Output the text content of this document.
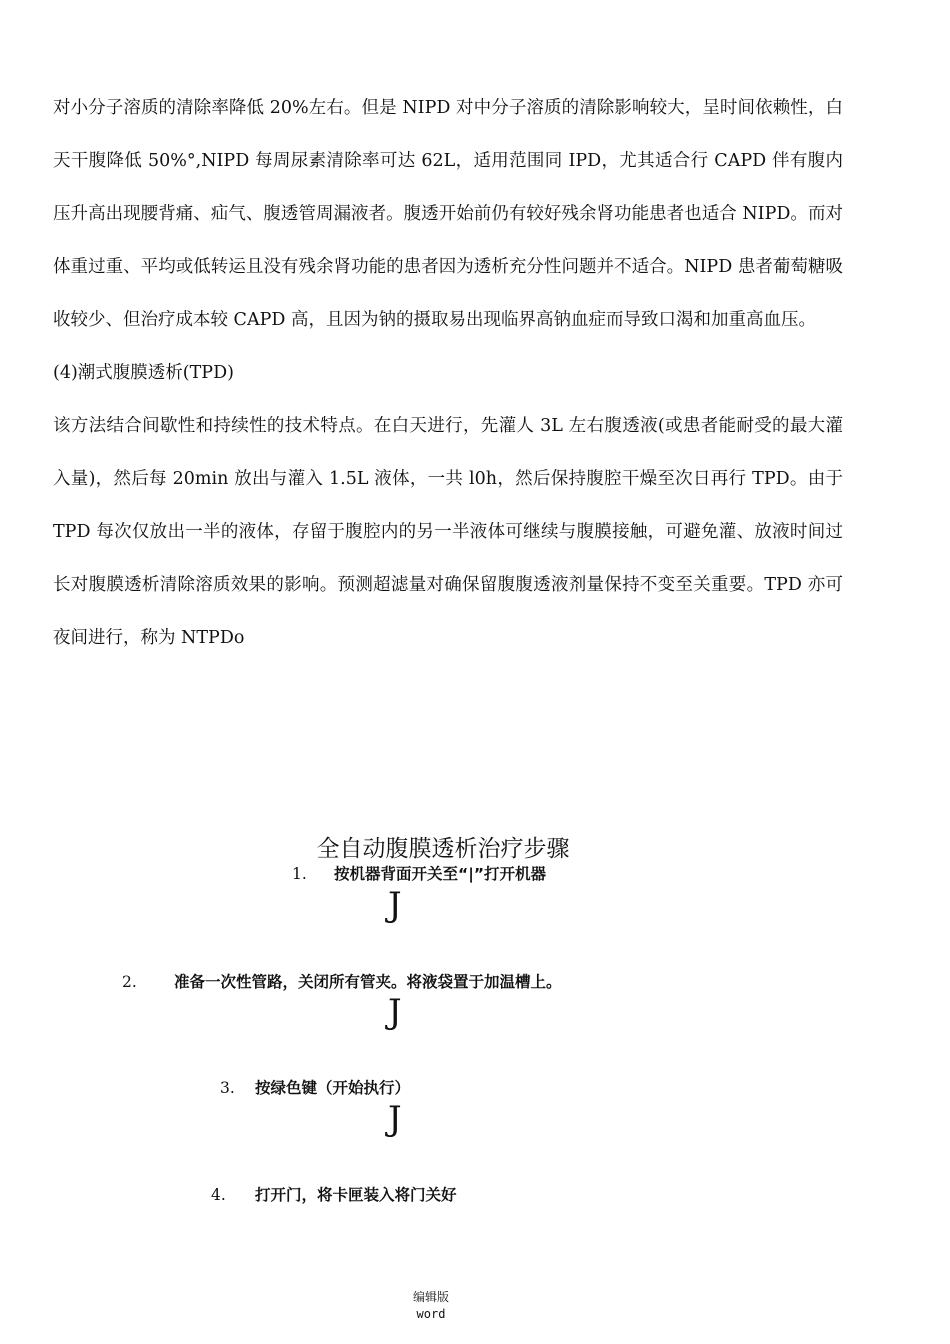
对小分子溶质的清除率降低 20%左右。但是 NIPD 对中分子溶质的清除影响较大，呈时间依赖性，白天干腹降低 50%°,NIPD 每周尿素清除率可达 62L，适用范围同 IPD，尤其适合行 CAPD 伴有腹内压升高出现腰背痛、疝气、腹透管周漏液者。腹透开始前仍有较好残余肾功能患者也适合 NIPD。而对体重过重、平均或低转运且没有残余肾功能的患者因为透析充分性问题并不适合。NIPD 患者葡萄糖吸收较少、但治疗成本较 CAPD 高，且因为钠的摄取易出现临界高钠血症而导致口渴和加重高血压。

(4)潮式腹膜透析(TPD)

该方法结合间歇性和持续性的技术特点。在白天进行，先灌人 3L 左右腹透液(或患者能耐受的最大灌入量)，然后每 20min 放出与灌入 1.5L 液体，一共 l0h，然后保持腹腔干燥至次日再行 TPD。由于 TPD 每次仅放出一半的液体，存留于腹腔内的另一半液体可继续与腹膜接触，可避免灌、放液时间过长对腹膜透析清除溶质效果的影响。预测超滤量对确保留腹腹透液剂量保持不变至关重要。TPD 亦可夜间进行，称为 NTPDo

全自动腹膜透析治疗步骤
1. 按机器背面开关至“|”打开机器
J
2. 准备一次性管路，关闭所有管夹。将液袋置于加温槽上。
J
3. 按绿色键（开始执行）
J
4. 打开门，将卡匣装入将门关好
编辑版
word
